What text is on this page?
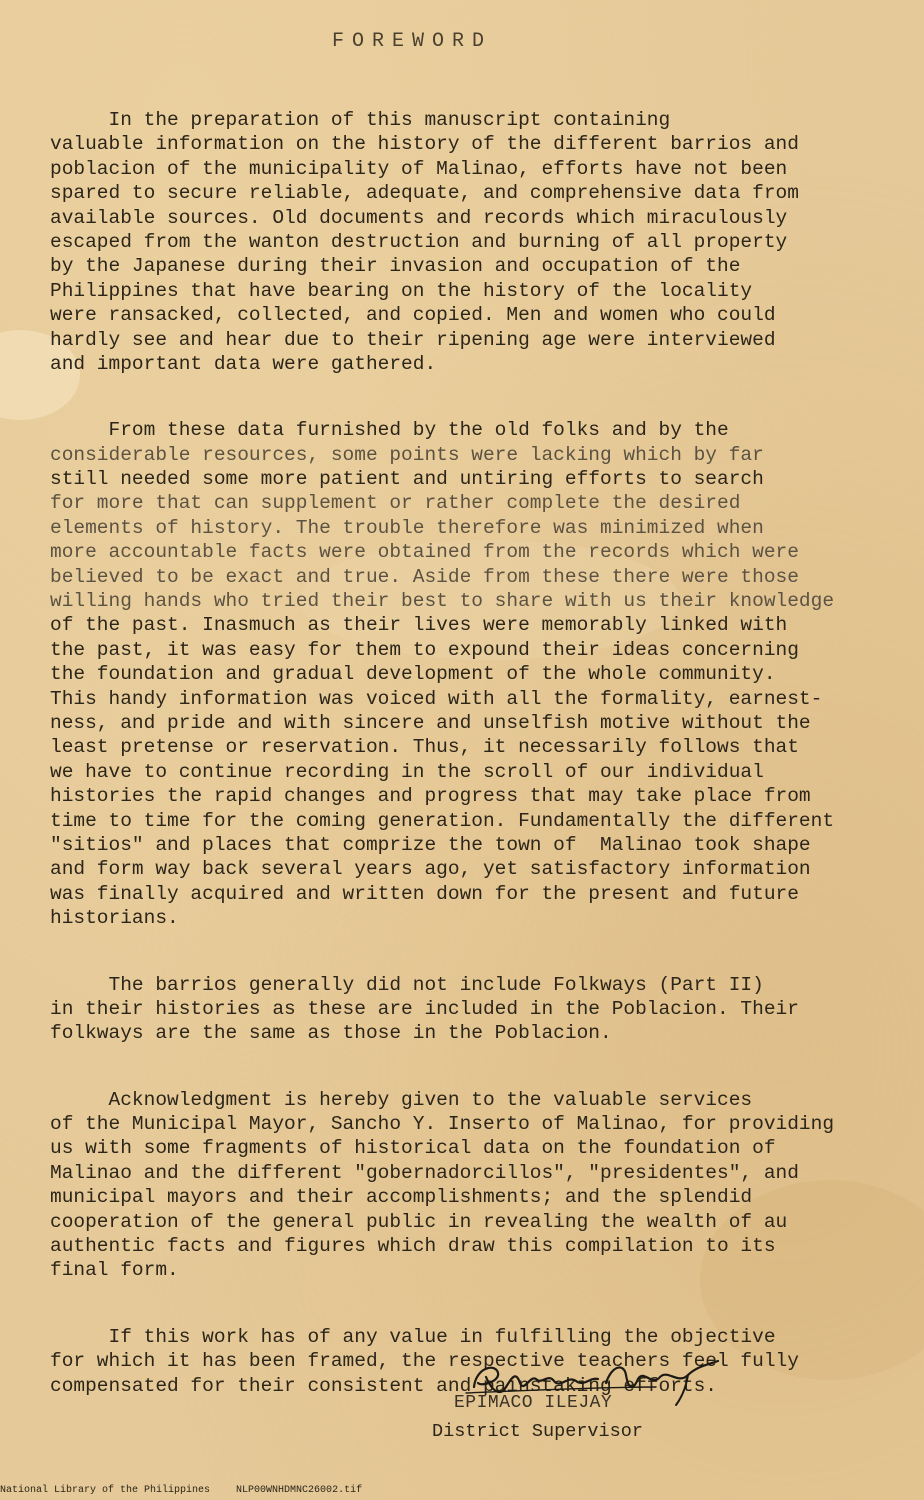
FOREWORD
In the preparation of this manuscript containing
valuable information on the history of the different barrios and
poblacion of the municipality of Malinao, efforts have not been
spared to secure reliable, adequate, and comprehensive data from
available sources. Old documents and records which miraculously
escaped from the wanton destruction and burning of all property
by the Japanese during their invasion and occupation of the
Philippines that have bearing on the history of the locality
were ransacked, collected, and copied. Men and women who could
hardly see and hear due to their ripening age were interviewed
and important data were gathered.
From these data furnished by the old folks and by the
considerable resources, some points were lacking which by far
still needed some more patient and untiring efforts to search
for more that can supplement or rather complete the desired
elements of history. The trouble therefore was minimized when
more accountable facts were obtained from the records which were
believed to be exact and true. Aside from these there were those
willing hands who tried their best to share with us their knowledge
of the past. Inasmuch as their lives were memorably linked with
the past, it was easy for them to expound their ideas concerning
the foundation and gradual development of the whole community.
This handy information was voiced with all the formality, earnest-
ness, and pride and with sincere and unselfish motive without the
least pretense or reservation. Thus, it necessarily follows that
we have to continue recording in the scroll of our individual
histories the rapid changes and progress that may take place from
time to time for the coming generation. Fundamentally the different
"sitios" and places that comprize the town of  Malinao took shape
and form way back several years ago, yet satisfactory information
was finally acquired and written down for the present and future
historians.
The barrios generally did not include Folkways (Part II)
in their histories as these are included in the Poblacion. Their
folkways are the same as those in the Poblacion.
Acknowledgment is hereby given to the valuable services
of the Municipal Mayor, Sancho Y. Inserto of Malinao, for providing
us with some fragments of historical data on the foundation of
Malinao and the different "gobernadorcillos", "presidentes", and
municipal mayors and their accomplishments; and the splendid
cooperation of the general public in revealing the wealth of au
authentic facts and figures which draw this compilation to its
final form.
If this work has of any value in fulfilling the objective
for which it has been framed, the respective teachers feel fully
compensated for their consistent and painstaking efforts.
EPIMACO ILEJAY
District Supervisor
National Library of the Philippines	NLP00WNHDMNC26002.tif
